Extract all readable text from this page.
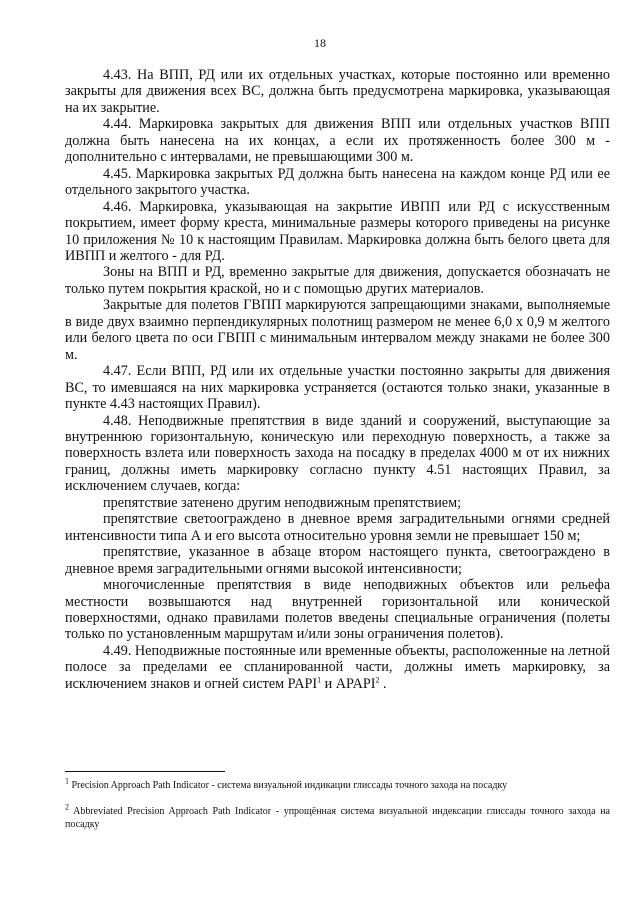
18

4.43. На ВПП, РД или их отдельных участках, которые постоянно или временно закрыты для движения всех ВС, должна быть предусмотрена маркировка, указывающая на их закрытие.

4.44. Маркировка закрытых для движения ВПП или отдельных участков ВПП должна быть нанесена на их концах, а если их протяженность более 300 м - дополнительно с интервалами, не превышающими 300 м.

4.45. Маркировка закрытых РД должна быть нанесена на каждом конце РД или ее отдельного закрытого участка.

4.46. Маркировка, указывающая на закрытие ИВПП или РД с искусственным покрытием, имеет форму креста, минимальные размеры которого приведены на рисунке 10 приложения № 10 к настоящим Правилам. Маркировка должна быть белого цвета для ИВПП и желтого - для РД.

Зоны на ВПП и РД, временно закрытые для движения, допускается обозначать не только путем покрытия краской, но и с помощью других материалов.

Закрытые для полетов ГВПП маркируются запрещающими знаками, выполняемые в виде двух взаимно перпендикулярных полотнищ размером не менее 6,0 х 0,9 м желтого или белого цвета по оси ГВПП с минимальным интервалом между знаками не более 300 м.

4.47. Если ВПП, РД или их отдельные участки постоянно закрыты для движения ВС, то имевшаяся на них маркировка устраняется (остаются только знаки, указанные в пункте 4.43 настоящих Правил).

4.48. Неподвижные препятствия в виде зданий и сооружений, выступающие за внутреннюю горизонтальную, коническую или переходную поверхность, а также за поверхность взлета или поверхность захода на посадку в пределах 4000 м от их нижних границ, должны иметь маркировку согласно пункту 4.51 настоящих Правил, за исключением случаев, когда:

препятствие затенено другим неподвижным препятствием;

препятствие светоограждено в дневное время заградительными огнями средней интенсивности типа А и его высота относительно уровня земли не превышает 150 м;

препятствие, указанное в абзаце втором настоящего пункта, светоограждено в дневное время заградительными огнями высокой интенсивности;

многочисленные препятствия в виде неподвижных объектов или рельефа местности возвышаются над внутренней горизонтальной или конической поверхностями, однако правилами полетов введены специальные ограничения (полеты только по установленным маршрутам и/или зоны ограничения полетов).

4.49. Неподвижные постоянные или временные объекты, расположенные на летной полосе за пределами ее спланированной части, должны иметь маркировку, за исключением знаков и огней систем PAPI$^1$ и APAPI$^2$ .

$^1$ Precision Approach Path Indicator - система визуальной индикации глиссады точного захода на посадку

$^2$ Abbreviated Precision Approach Path Indicator - упрощённая система визуальной индексации глиссады точного захода на посадку
